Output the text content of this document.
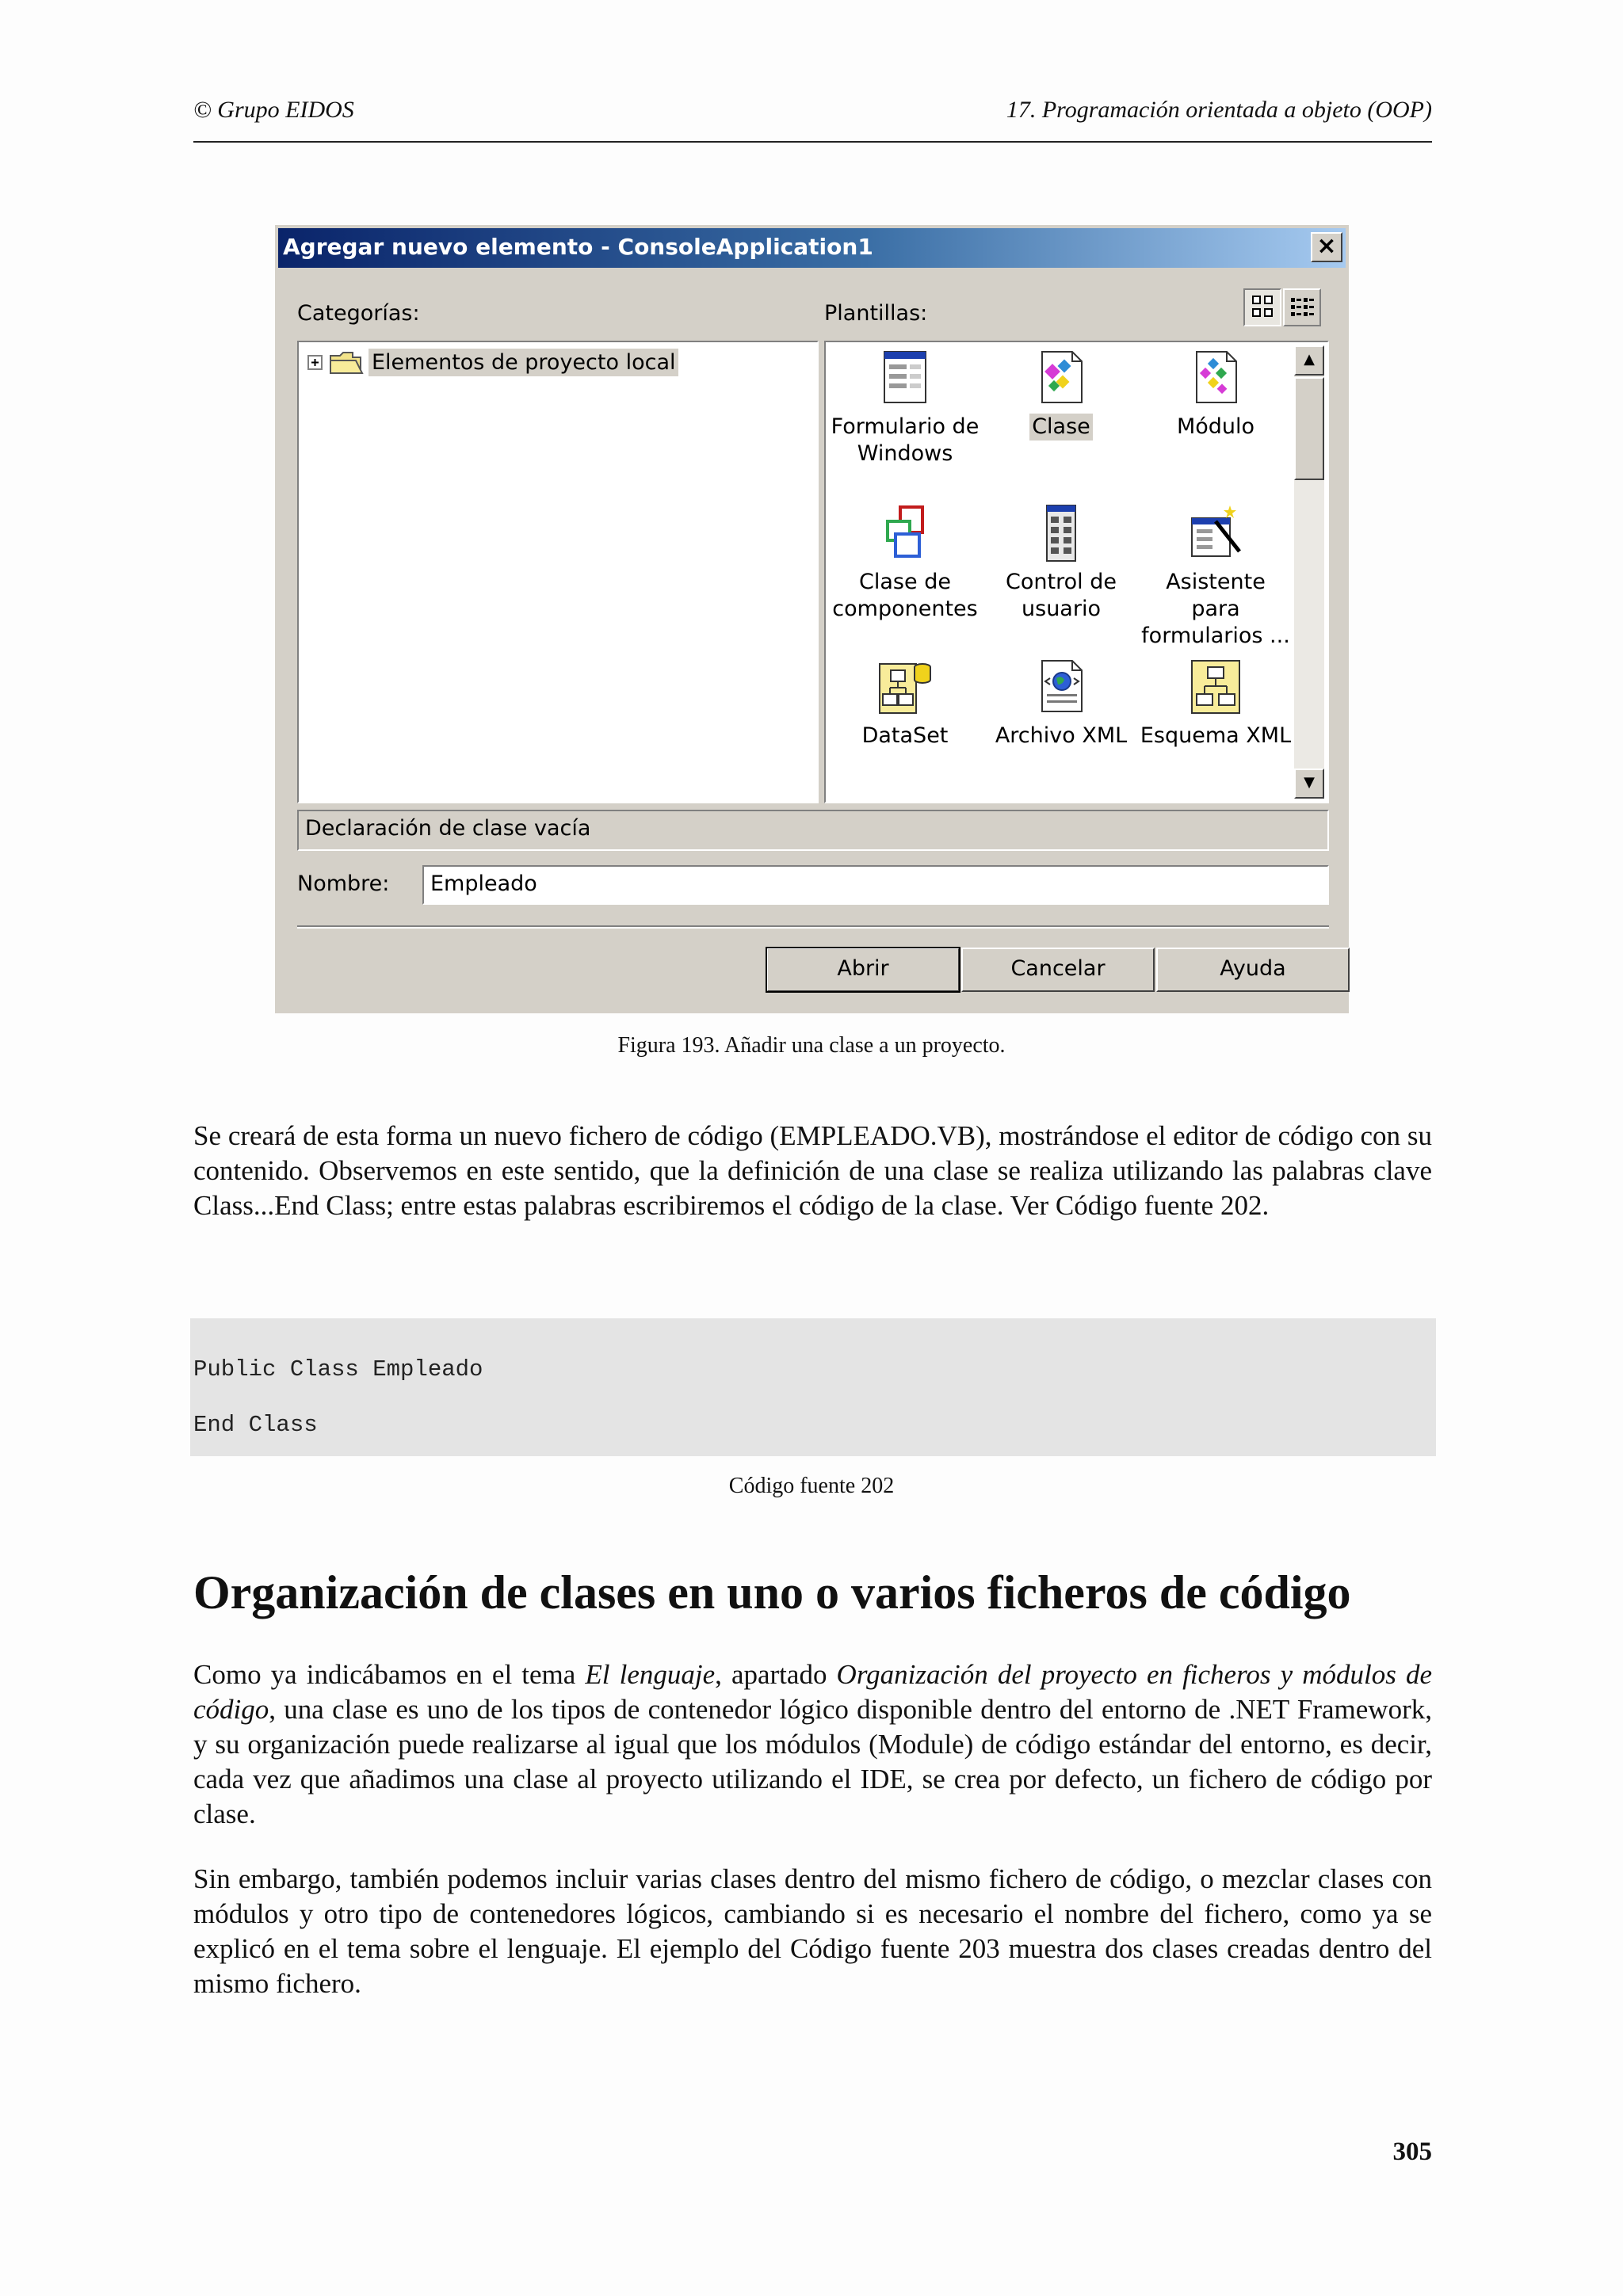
© Grupo EIDOS	17. Programación orientada a objeto (OOP)
Agregar nuevo elemento - ConsoleApplication1	×
Categorías:	Plantillas:
Elementos de proyecto local
Formulario de
Windows
Clase	Módulo
Clase de
componentes
Control de
usuario
Asistente para
formularios ...
DataSet	Archivo XML Esquema XML
▲
▼
Declaración de clase vacía
Nombre:	Empleado
Abrir	Cancelar	Ayuda
Figura 193. Añadir una clase a un proyecto.

Se creará de esta forma un nuevo fichero de código (EMPLEADO.VB), mostrándose el editor de código con su contenido. Observemos en este sentido, que la definición de una clase se realiza utilizando las palabras clave Class...End Class; entre estas palabras escribiremos el código de la clase. Ver Código fuente 202.

Public Class Empleado
End Class
Código fuente 202
Organización de clases en uno o varios ficheros de código

Como ya indicábamos en el tema El lenguaje, apartado Organización del proyecto en ficheros y módulos de código, una clase es uno de los tipos de contenedor lógico disponible dentro del entorno de .NET Framework, y su organización puede realizarse al igual que los módulos (Module) de código estándar del entorno, es decir, cada vez que añadimos una clase al proyecto utilizando el IDE, se crea por defecto, un fichero de código por clase.

Sin embargo, también podemos incluir varias clases dentro del mismo fichero de código, o mezclar clases con módulos y otro tipo de contenedores lógicos, cambiando si es necesario el nombre del fichero, como ya se explicó en el tema sobre el lenguaje. El ejemplo del Código fuente 203 muestra dos clases creadas dentro del mismo fichero.

305
